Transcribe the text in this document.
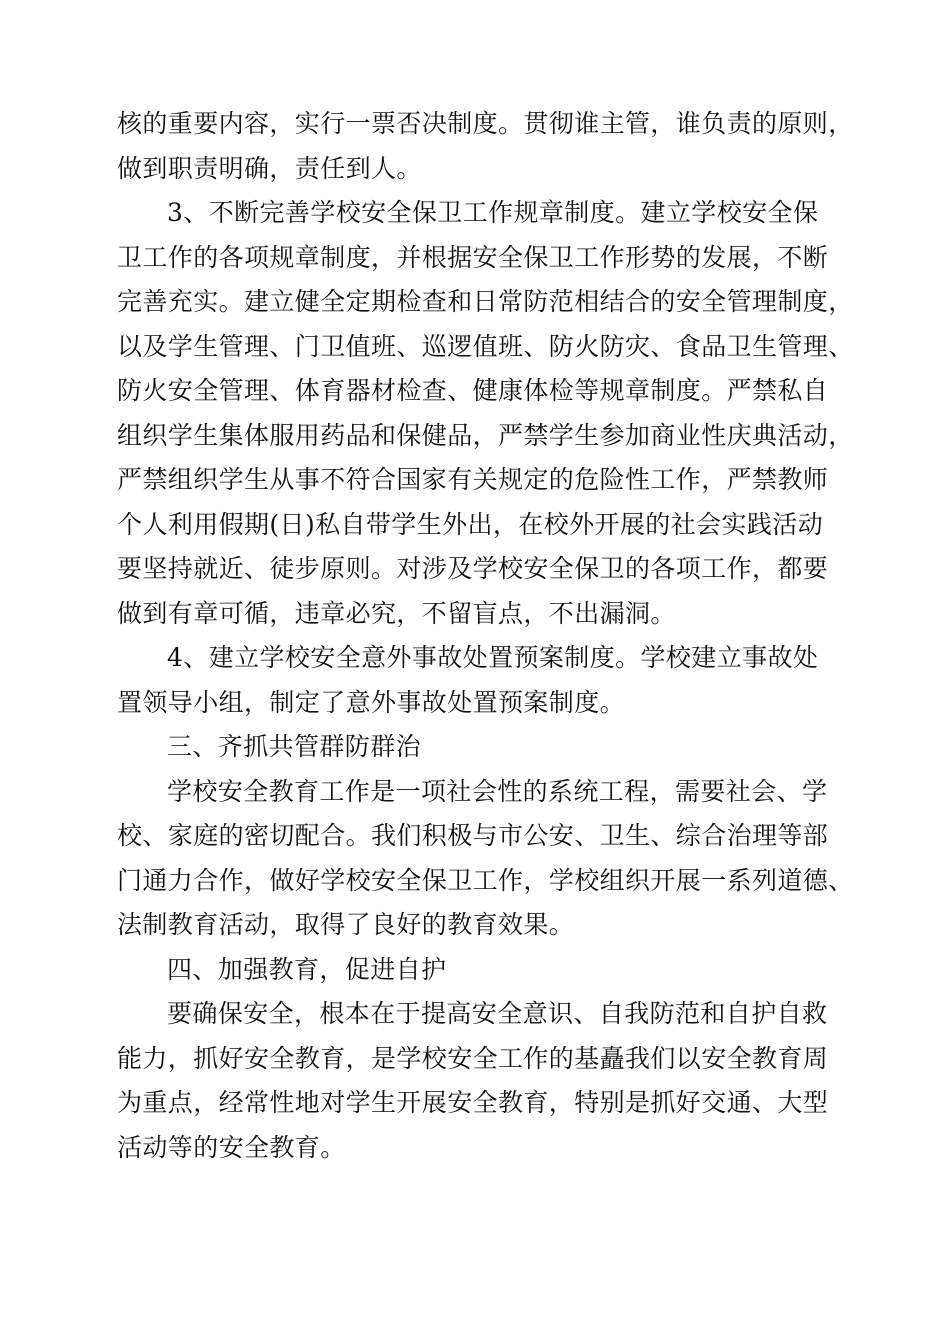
核的重要内容，实行一票否决制度。贯彻谁主管，谁负责的原则，
做到职责明确，责任到人。
3、不断完善学校安全保卫工作规章制度。建立学校安全保
卫工作的各项规章制度，并根据安全保卫工作形势的发展，不断
完善充实。建立健全定期检查和日常防范相结合的安全管理制度，
以及学生管理、门卫值班、巡逻值班、防火防灾、食品卫生管理、
防火安全管理、体育器材检查、健康体检等规章制度。严禁私自
组织学生集体服用药品和保健品，严禁学生参加商业性庆典活动，
严禁组织学生从事不符合国家有关规定的危险性工作，严禁教师
个人利用假期(日)私自带学生外出，在校外开展的社会实践活动
要坚持就近、徒步原则。对涉及学校安全保卫的各项工作，都要
做到有章可循，违章必究，不留盲点，不出漏洞。
4、建立学校安全意外事故处置预案制度。学校建立事故处
置领导小组，制定了意外事故处置预案制度。
三、齐抓共管群防群治
学校安全教育工作是一项社会性的系统工程，需要社会、学
校、家庭的密切配合。我们积极与市公安、卫生、综合治理等部
门通力合作，做好学校安全保卫工作，学校组织开展一系列道德、
法制教育活动，取得了良好的教育效果。
四、加强教育，促进自护
要确保安全，根本在于提高安全意识、自我防范和自护自救
能力，抓好安全教育，是学校安全工作的基矗我们以安全教育周
为重点，经常性地对学生开展安全教育，特别是抓好交通、大型
活动等的安全教育。
